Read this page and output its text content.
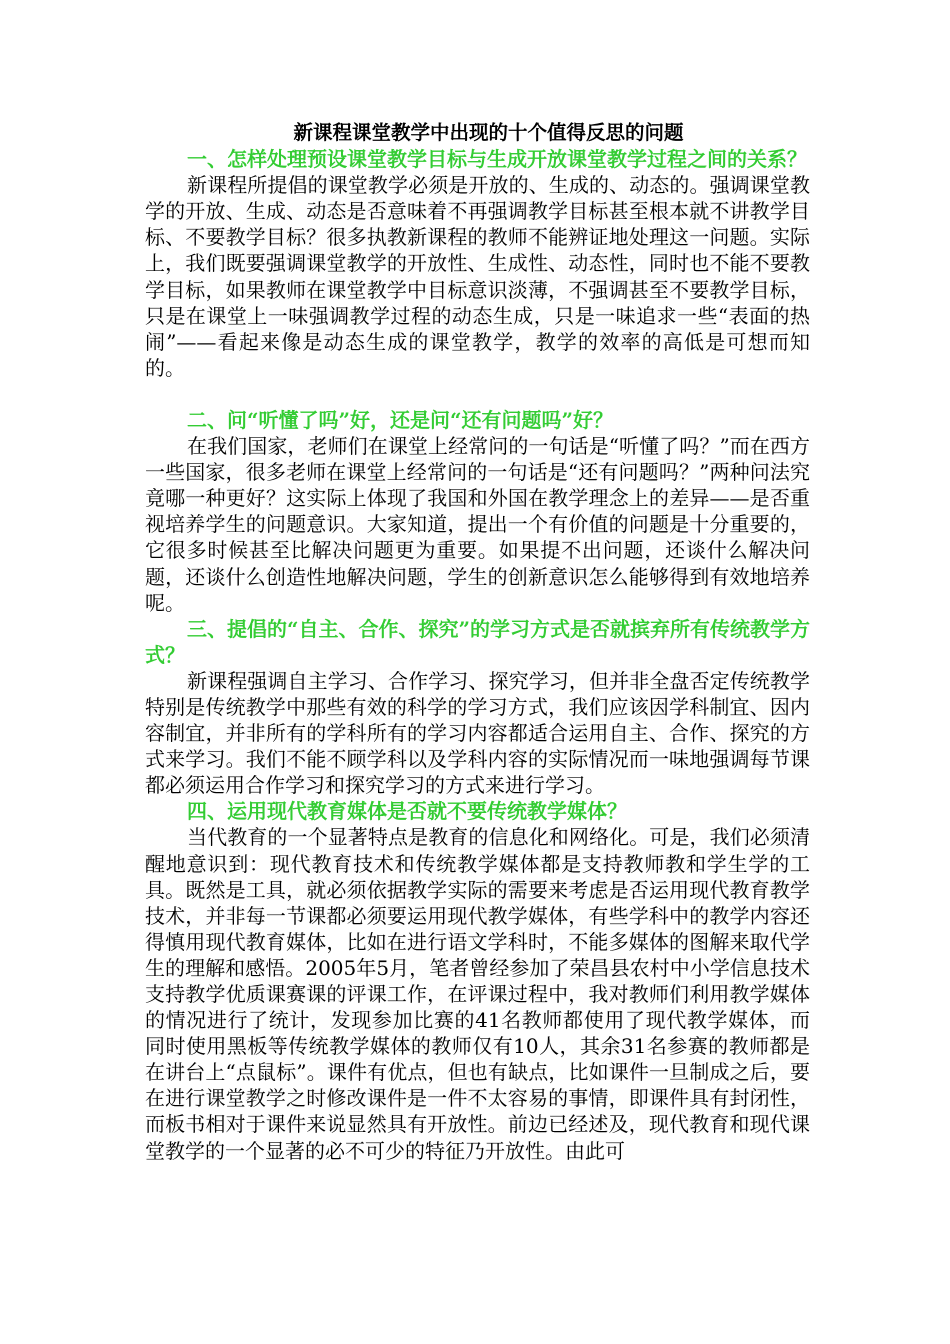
新课程课堂教学中出现的十个值得反思的问题

一、怎样处理预设课堂教学目标与生成开放课堂教学过程之间的关系？

新课程所提倡的课堂教学必须是开放的、生成的、动态的。强调课堂教学的开放、生成、动态是否意味着不再强调教学目标甚至根本就不讲教学目标、不要教学目标？很多执教新课程的教师不能辨证地处理这一问题。实际上，我们既要强调课堂教学的开放性、生成性、动态性，同时也不能不要教学目标，如果教师在课堂教学中目标意识淡薄，不强调甚至不要教学目标，只是在课堂上一味强调教学过程的动态生成，只是一味追求一些“表面的热闹”——看起来像是动态生成的课堂教学，教学的效率的高低是可想而知的。

二、问“听懂了吗”好，还是问“还有问题吗”好？

在我们国家，老师们在课堂上经常问的一句话是“听懂了吗？”而在西方一些国家，很多老师在课堂上经常问的一句话是“还有问题吗？”两种问法究竟哪一种更好？这实际上体现了我国和外国在教学理念上的差异——是否重视培养学生的问题意识。大家知道，提出一个有价值的问题是十分重要的，它很多时候甚至比解决问题更为重要。如果提不出问题，还谈什么解决问题，还谈什么创造性地解决问题，学生的创新意识怎么能够得到有效地培养呢。

三、提倡的“自主、合作、探究”的学习方式是否就摈弃所有传统教学方式？

新课程强调自主学习、合作学习、探究学习，但并非全盘否定传统教学特别是传统教学中那些有效的科学的学习方式，我们应该因学科制宜、因内容制宜，并非所有的学科所有的学习内容都适合运用自主、合作、探究的方式来学习。我们不能不顾学科以及学科内容的实际情况而一味地强调每节课都必须运用合作学习和探究学习的方式来进行学习。

四、运用现代教育媒体是否就不要传统教学媒体？

当代教育的一个显著特点是教育的信息化和网络化。可是，我们必须清醒地意识到：现代教育技术和传统教学媒体都是支持教师教和学生学的工具。既然是工具，就必须依据教学实际的需要来考虑是否运用现代教育教学技术，并非每一节课都必须要运用现代教学媒体，有些学科中的教学内容还得慎用现代教育媒体，比如在进行语文学科时，不能多媒体的图解来取代学生的理解和感悟。2005年5月，笔者曾经参加了荣昌县农村中小学信息技术支持教学优质课赛课的评课工作，在评课过程中，我对教师们利用教学媒体的情况进行了统计，发现参加比赛的41名教师都使用了现代教学媒体，而同时使用黑板等传统教学媒体的教师仅有10人，其余31名参赛的教师都是在讲台上“点鼠标”。课件有优点，但也有缺点，比如课件一旦制成之后，要在进行课堂教学之时修改课件是一件不太容易的事情，即课件具有封闭性，而板书相对于课件来说显然具有开放性。前边已经述及，现代教育和现代课堂教学的一个显著的必不可少的特征乃开放性。由此可
